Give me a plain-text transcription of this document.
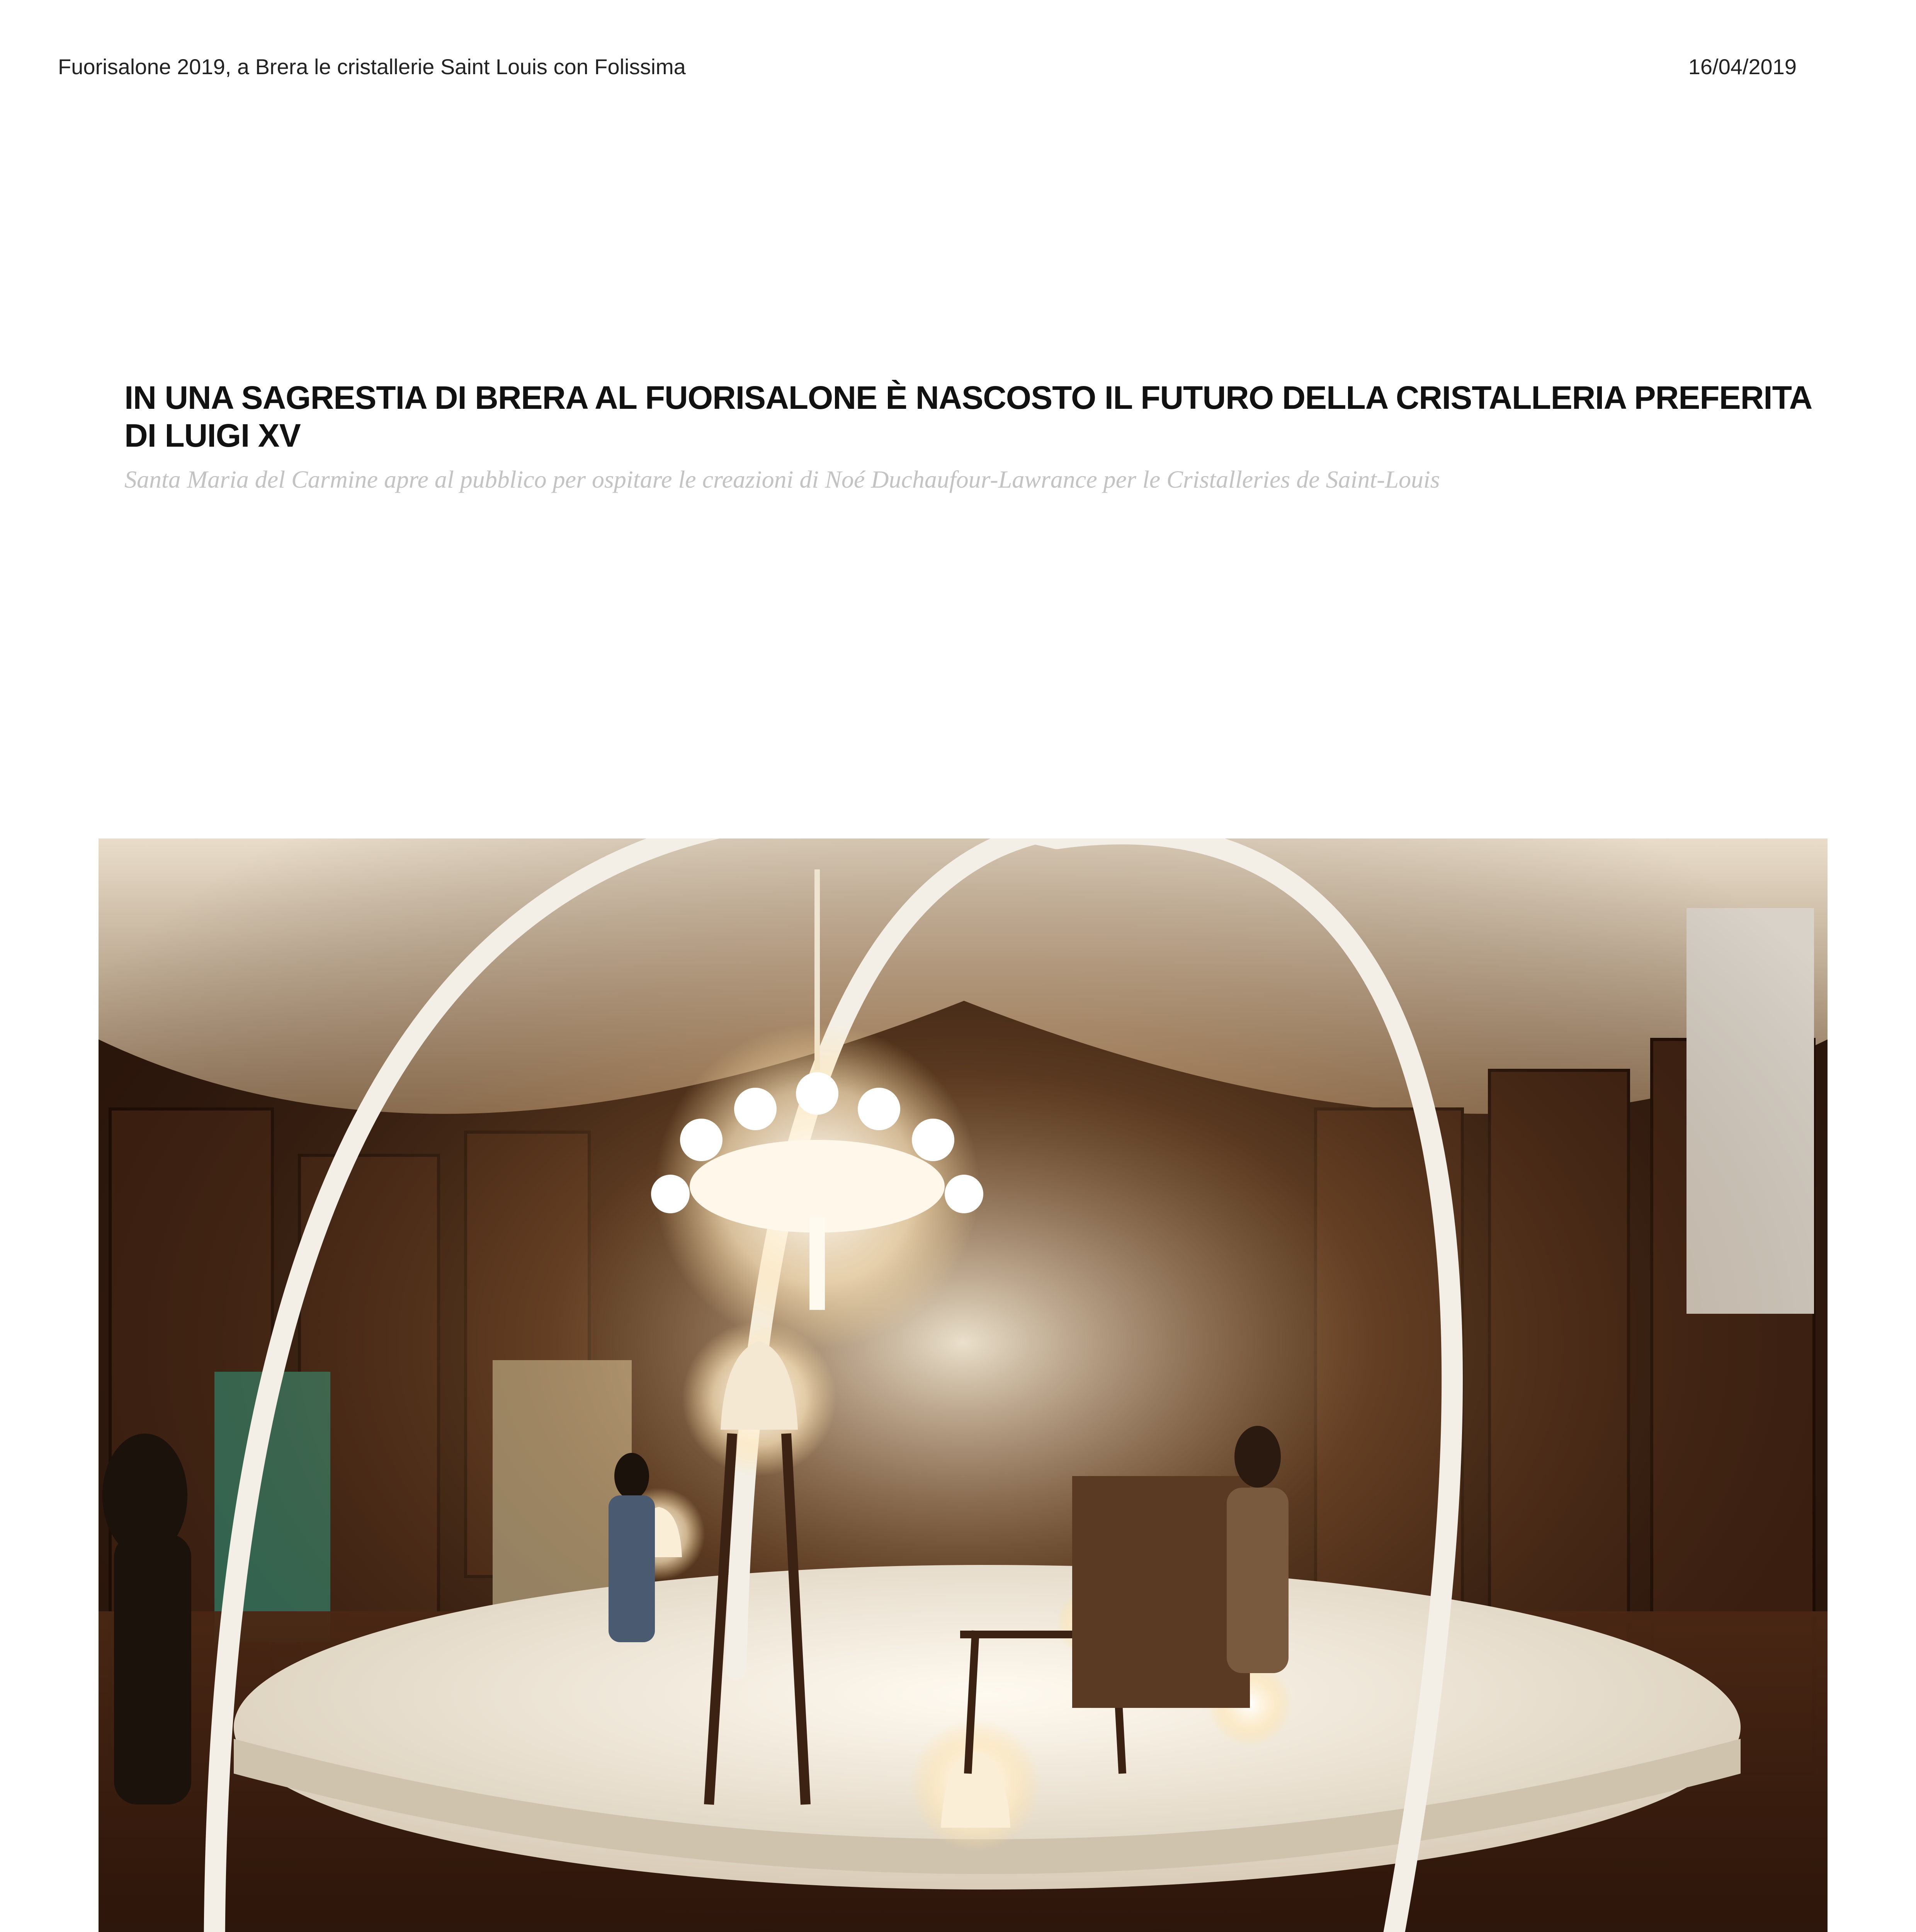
Fuorisalone 2019, a Brera le cristallerie Saint Louis con Folissima	16/04/2019
IN UNA SAGRESTIA DI BRERA AL FUORISALONE È NASCOSTO IL FUTURO DELLA CRISTALLERIA PREFERITA DI LUIGI XV
Santa Maria del Carmine apre al pubblico per ospitare le creazioni di Noé Duchaufour-Lawrance per le Cristalleries de Saint-Louis
